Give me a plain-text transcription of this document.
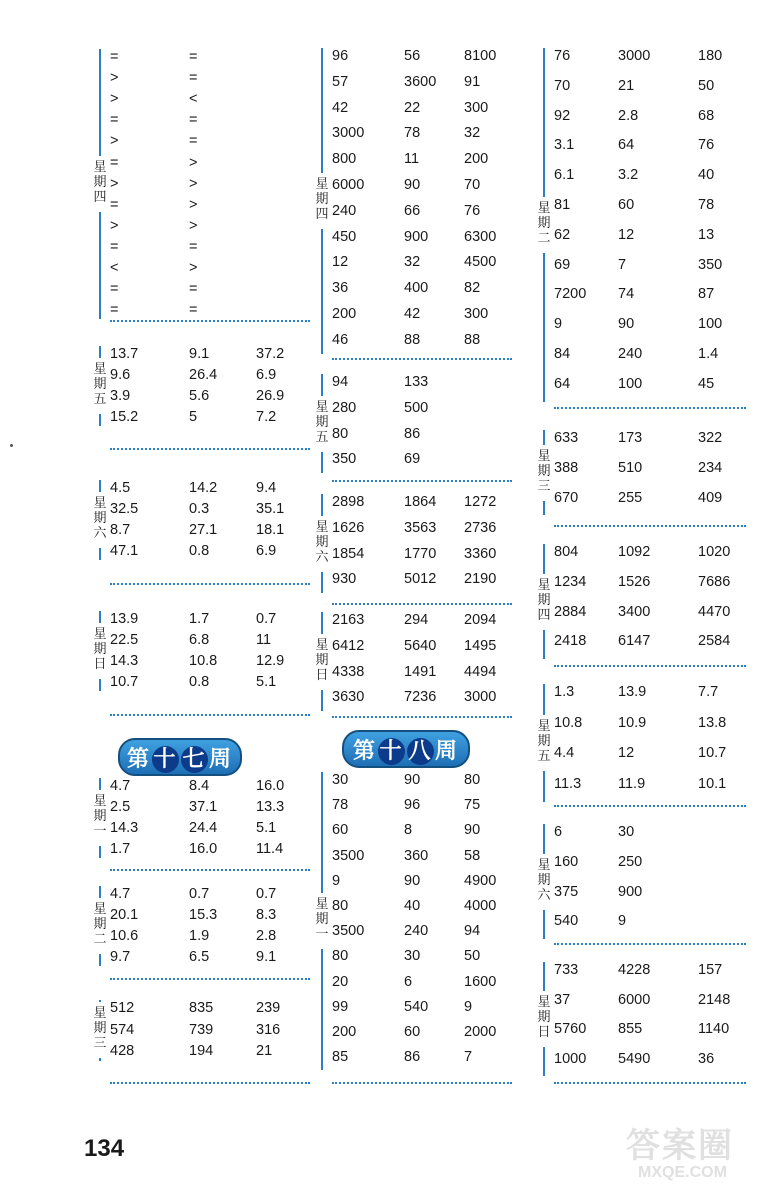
星
期
四
=	=
>	=
>	<
=	=
>	=
=	>
>	>
=	>
>	>
=	=
<	>
=	=
=	=
星
期
五
13.7	9.1	37.2
9.6	26.4	6.9
3.9	5.6	26.9
15.2	5	7.2
星
期
六
4.5	14.2	9.4
32.5	0.3	35.1
8.7	27.1	18.1
47.1	0.8	6.9
星
期
日
13.9	1.7	0.7
22.5	6.8	11
14.3	10.8	12.9
10.7	0.8	5.1
星
期
一
4.7	8.4	16.0
2.5	37.1	13.3
14.3	24.4	5.1
1.7	16.0	11.4
星
期
二
4.7	0.7	0.7
20.1	15.3	8.3
10.6	1.9	2.8
9.7	6.5	9.1
星
期
三
512	835	239
574	739	316
428	194	21
星
期
四
96	56	8100
57	3600 91
42	22	300
3000	78	32
800	11	200
6000	90	70
240	66	76
450	900 6300
12	32	4500
36	400 82
200	42	300
46	88	88
星
期
五
94	133
280	500
80	86
350	69
星
期
六
2898	1864 1272
1626	3563 2736
1854	1770 3360
930	5012 2190
星
期
日
2163	294 2094
6412	5640 1495
4338	1491 4494
3630	7236 3000
星
期
一
30	90	80
78	96	75
60	8	90
3500	360 58
9	90	4900
80	40	4000
3500	240 94
80	30	50
20	6	1600
99	540 9
200	60	2000
85	86	7
星
期
二
76	3000	180
70	21	50
92	2.8	68
3.1	64	76
6.1	3.2	40
81	60	78
62	12	13
69	7	350
7200 74	87
9	90	100
84	240	1.4
64	100	45
星
期
三
633	173	322
388	510	234
670	255	409
星
期
四
804	1092	1020
1234 1526	7686
2884 3400	4470
2418 6147	2584
星
期
五
1.3	13.9	7.7
10.8 10.9	13.8
4.4	12	10.7
11.3	11.9	10.1
星
期
六
6	30
160	250
375	900
540	9
星
期
日
733	4228	157
37	6000	2148
5760 855	1140
1000 5490	36
第 十 七 周	第 十 八 周
134	答案圈
MXQE.COM
